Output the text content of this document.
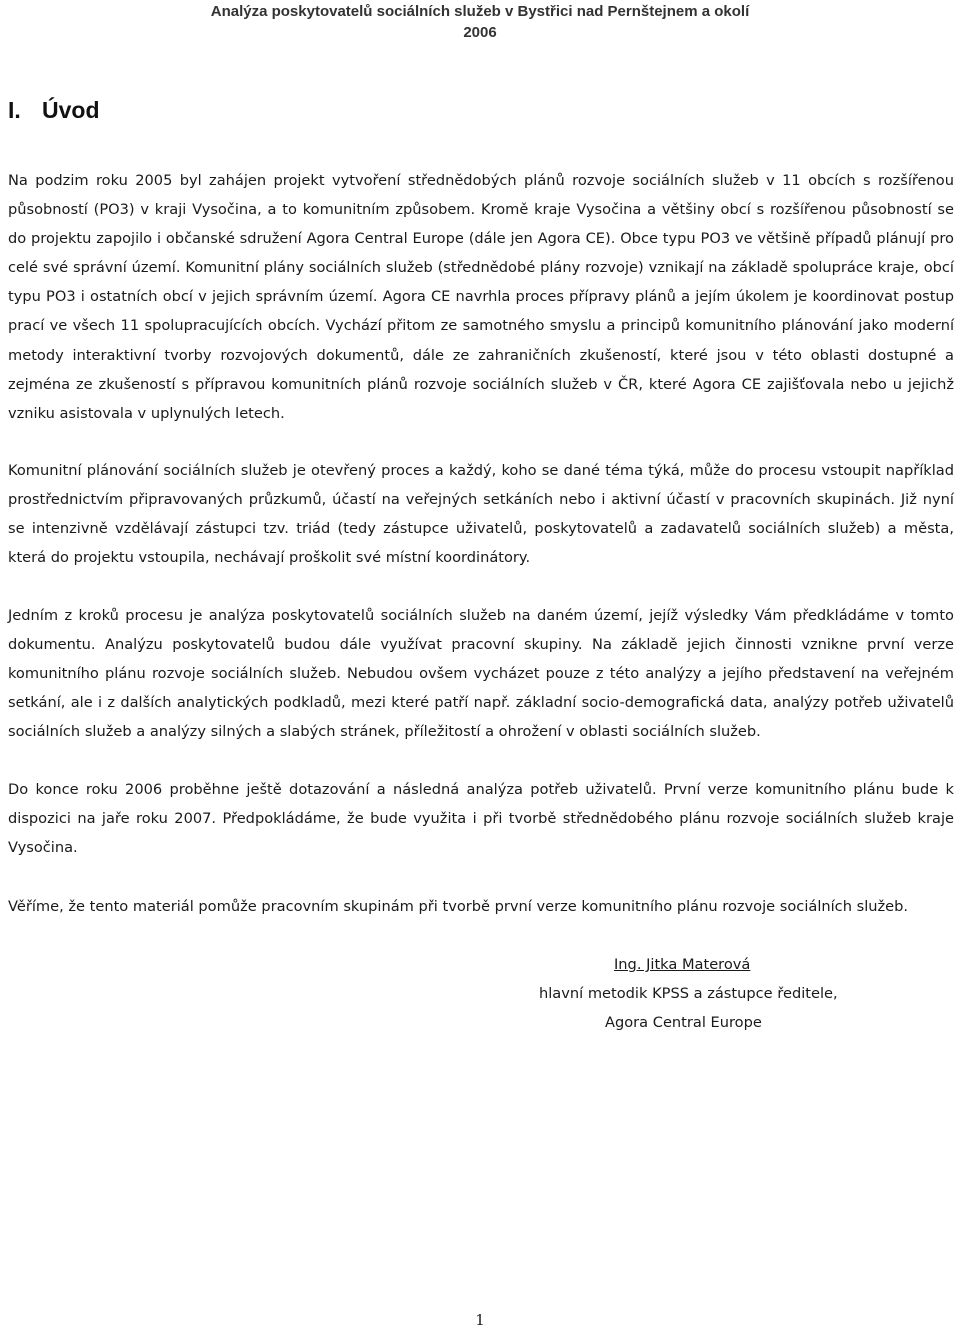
Analýza poskytovatelů sociálních služeb v Bystřici nad Pernštejnem a okolí
2006
I. Úvod

Na podzim roku 2005 byl zahájen projekt vytvoření střednědobých plánů rozvoje sociálních služeb v 11 obcích s rozšířenou působností (PO3) v kraji Vysočina, a to komunitním způsobem. Kromě kraje Vysočina a většiny obcí s rozšířenou působností se do projektu zapojilo i občanské sdružení Agora Central Europe (dále jen Agora CE). Obce typu PO3 ve většině případů plánují pro celé své správní území. Komunitní plány sociálních služeb (střednědobé plány rozvoje) vznikají na základě spolupráce kraje, obcí typu PO3 i ostatních obcí v jejich správním území. Agora CE navrhla proces přípravy plánů a jejím úkolem je koordinovat postup prací ve všech 11 spolupracujících obcích. Vychází přitom ze samotného smyslu a principů komunitního plánování jako moderní metody interaktivní tvorby rozvojových dokumentů, dále ze zahraničních zkušeností, které jsou v této oblasti dostupné a zejména ze zkušeností s přípravou komunitních plánů rozvoje sociálních služeb v ČR, které Agora CE zajišťovala nebo u jejichž vzniku asistovala v uplynulých letech.

Komunitní plánování sociálních služeb je otevřený proces a každý, koho se dané téma týká, může do procesu vstoupit například prostřednictvím připravovaných průzkumů, účastí na veřejných setkáních nebo i aktivní účastí v pracovních skupinách. Již nyní se intenzivně vzdělávají zástupci tzv. triád (tedy zástupce uživatelů, poskytovatelů a zadavatelů sociálních služeb) a města, která do projektu vstoupila, nechávají proškolit své místní koordinátory.

Jedním z kroků procesu je analýza poskytovatelů sociálních služeb na daném území, jejíž výsledky Vám předkládáme v tomto dokumentu. Analýzu poskytovatelů budou dále využívat pracovní skupiny. Na základě jejich činnosti vznikne první verze komunitního plánu rozvoje sociálních služeb. Nebudou ovšem vycházet pouze z této analýzy a jejího představení na veřejném setkání, ale i z dalších analytických podkladů, mezi které patří např. základní socio-demografická data, analýzy potřeb uživatelů sociálních služeb a analýzy silných a slabých stránek, příležitostí a ohrožení v oblasti sociálních služeb.

Do konce roku 2006 proběhne ještě dotazování a následná analýza potřeb uživatelů. První verze komunitního plánu bude k dispozici na jaře roku 2007. Předpokládáme, že bude využita i při tvorbě střednědobého plánu rozvoje sociálních služeb kraje Vysočina.

Věříme, že tento materiál pomůže pracovním skupinám při tvorbě první verze komunitního plánu rozvoje sociálních služeb.

Ing. Jitka Materová
hlavní metodik KPSS a zástupce ředitele,
Agora Central Europe
1
